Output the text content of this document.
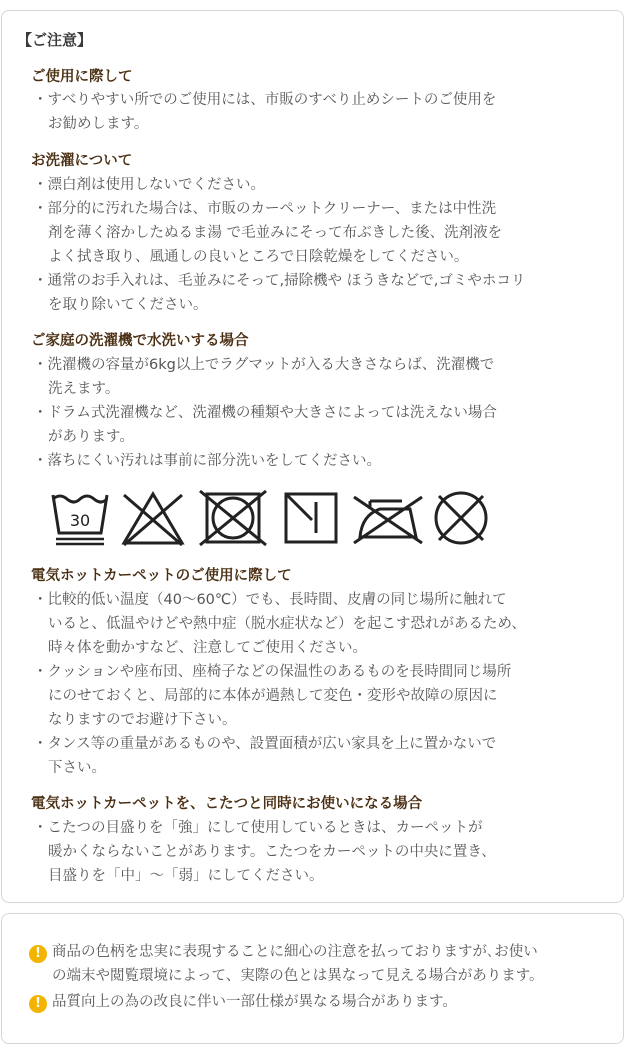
【ご注意】
ご使用に際して
・すべりやすい所でのご使用には、市販のすべり止めシートのご使用を
お勧めします。
お洗濯について
・漂白剤は使用しないでください。
・部分的に汚れた場合は、市販のカーペットクリーナー、または中性洗
剤を薄く溶かしたぬるま湯 で毛並みにそって布ぶきした後、洗剤液を
よく拭き取り、風通しの良いところで日陰乾燥をしてください。
・通常のお手入れは、毛並みにそって,掃除機や ほうきなどで,ゴミやホコリ
を取り除いてください。
ご家庭の洗濯機で水洗いする場合
・洗濯機の容量が6kg以上でラグマットが入る大きさならば、洗濯機で
洗えます。
・ドラム式洗濯機など、洗濯機の種類や大きさによっては洗えない場合
があります。
・落ちにくい汚れは事前に部分洗いをしてください。
30
電気ホットカーペットのご使用に際して
・比較的低い温度（40～60℃）でも、長時間、皮膚の同じ場所に触れて
いると、低温やけどや熱中症（脱水症状など）を起こす恐れがあるため、
時々体を動かすなど、注意してご使用ください。
・クッションや座布団、座椅子などの保温性のあるものを長時間同じ場所
にのせておくと、局部的に本体が過熱して変色・変形や故障の原因に
なりますのでお避け下さい。
・タンス等の重量があるものや、設置面積が広い家具を上に置かないで
下さい。
電気ホットカーペットを、こたつと同時にお使いになる場合
・こたつの目盛りを「強」にして使用しているときは、カーペットが
暖かくならないことがあります。こたつをカーペットの中央に置き、
目盛りを「中」～「弱」にしてください。
! 商品の色柄を忠実に表現することに細心の注意を払っておりますが､お使い
の端末や閲覧環境によって、実際の色とは異なって見える場合があります。
! 品質向上の為の改良に伴い一部仕様が異なる場合があります。
